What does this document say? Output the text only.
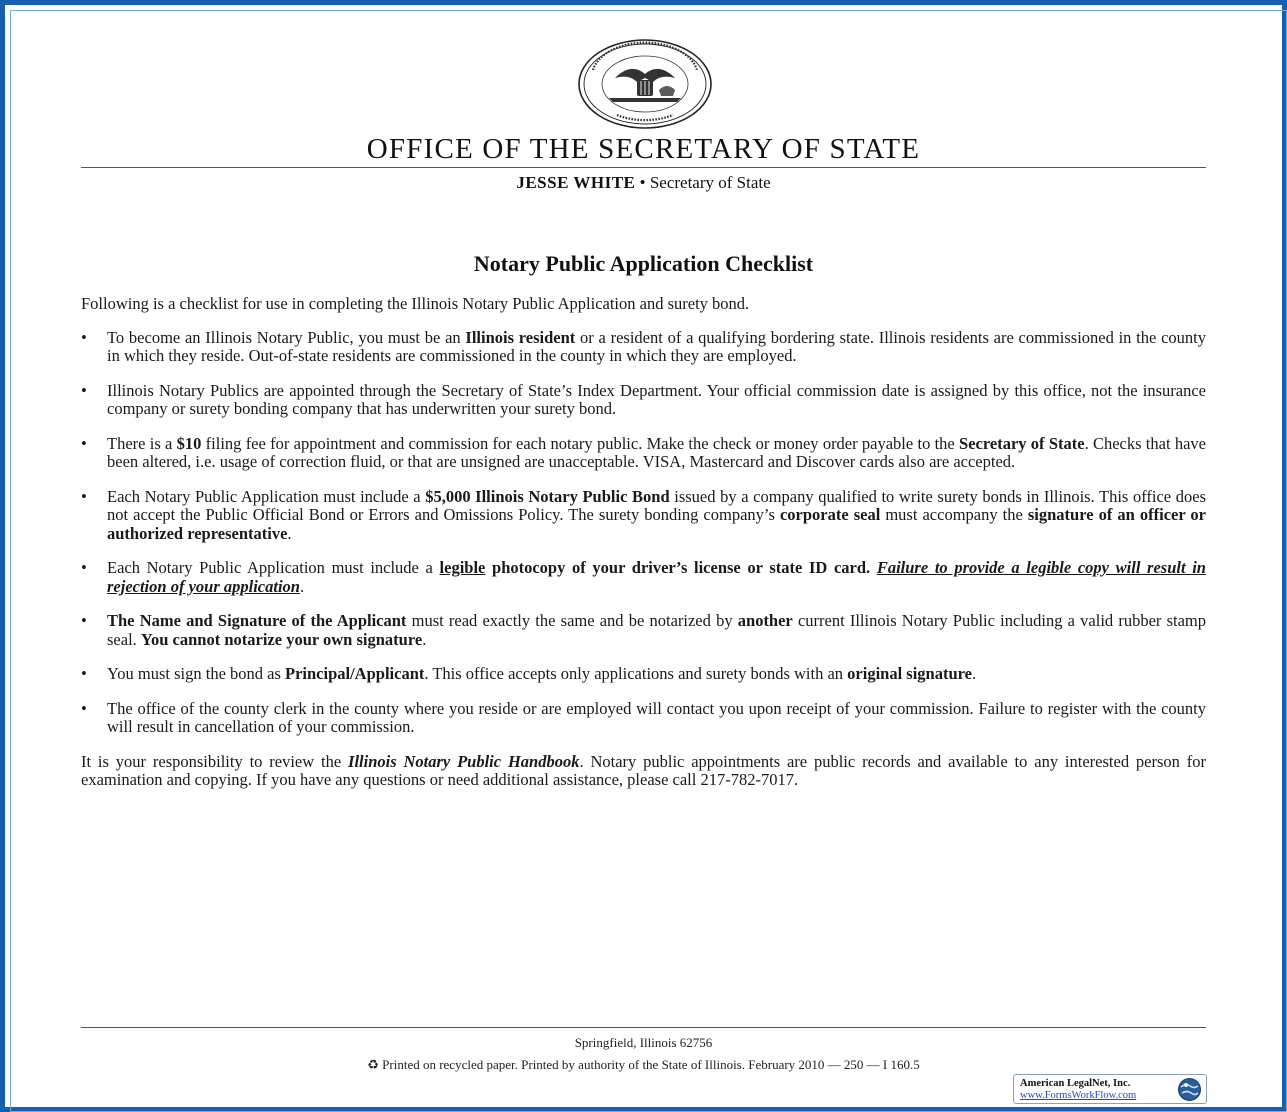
OFFICE OF THE SECRETARY OF STATE
JESSE WHITE • Secretary of State
Notary Public Application Checklist

Following is a checklist for use in completing the Illinois Notary Public Application and surety bond.

• To become an Illinois Notary Public, you must be an Illinois resident or a resident of a qualifying bordering state. Illinois residents are commissioned in the county in which they reside. Out-of-state residents are commissioned in the county in which they are employed.
• Illinois Notary Publics are appointed through the Secretary of State’s Index Department. Your official commission date is assigned by this office, not the insurance company or surety bonding company that has underwritten your surety bond.
• There is a $10 filing fee for appointment and commission for each notary public. Make the check or money order payable to the Secretary of State. Checks that have been altered, i.e. usage of correction fluid, or that are unsigned are unacceptable. VISA, Mastercard and Discover cards also are accepted.
• Each Notary Public Application must include a $5,000 Illinois Notary Public Bond issued by a company qualified to write surety bonds in Illinois. This office does not accept the Public Official Bond or Errors and Omissions Policy. The surety bonding company’s corporate seal must accompany the signature of an officer or authorized representative.
• Each Notary Public Application must include a legible photocopy of your driver’s license or state ID card. Failure to provide a legible copy will result in rejection of your application.
• The Name and Signature of the Applicant must read exactly the same and be notarized by another current Illinois Notary Public including a valid rubber stamp seal. You cannot notarize your own signature.
• You must sign the bond as Principal/Applicant. This office accepts only applications and surety bonds with an original signature.
• The office of the county clerk in the county where you reside or are employed will contact you upon receipt of your commission. Failure to register with the county will result in cancellation of your commission.

It is your responsibility to review the Illinois Notary Public Handbook. Notary public appointments are public records and available to any interested person for examination and copying. If you have any questions or need additional assistance, please call 217-782-7017.

Springfield, Illinois 62756
♻ Printed on recycled paper. Printed by authority of the State of Illinois. February 2010 — 250 — I 160.5
American LegalNet, Inc.
www.FormsWorkFlow.com
